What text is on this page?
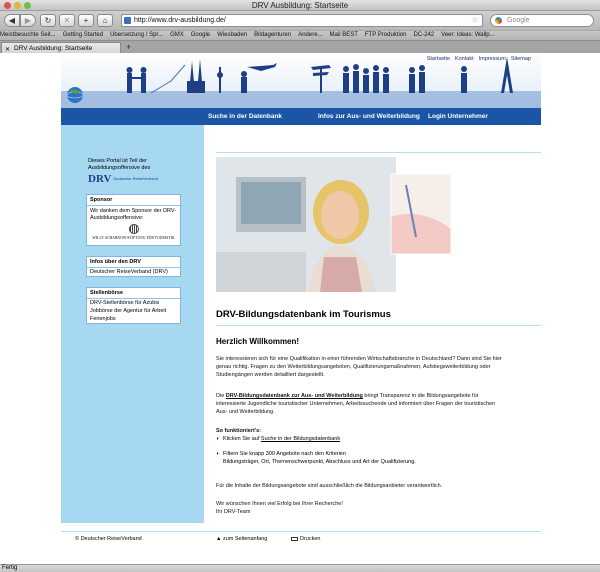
DRV Ausbildung: Startseite
◀	▶	↻	✕	+	⌂	http://www.drv-ausbildung.de/	☆	Google
Meistbesuchte Seit... Getting Started Übersetzung / Spr... GMX Google Wiesbaden Bildagenturen Andere... Mail BEST FTP Produktion DC-242 Veer: Ideas: Wallp...
✕ DRV Ausbildung: Startseite	+
Startseite Kontakt Impressum Sitemap
Suche in der Datenbank	Infos zur Aus- und Weiterbildung Login Unternehmer
Dieses Portal ist Teil der Ausbildungsoffensive des
DRV Deutscher ReiseVerband
Sponsor
Wir danken dem Sponsor der DRV-Ausbildungsoffensive:
WILLY SCHARNOW-STIFTUNG FÜR TOURISTIK
Infos über den DRV
Deutscher ReiseVerband (DRV)
Stellenbörse
DRV-Stellenbörse für Azubis
Jobbörse der Agentur für Arbeit
Ferienjobs	DRV-Bildungsdatenbank im Tourismus
Herzlich Willkommen!
Sie interessieren sich für eine Qualifikation in einer führenden Wirtschaftsbranche in Deutschland? Dann sind Sie hier genau richtig. Fragen zu den Weiterbildungsangeboten, Qualifizierungsmaßnahmen, Aufstiegsweiterbildung oder Studiengängen werden detailliert dargestellt.
Die DRV-Bildungsdatenbank zur Aus- und Weiterbildung bringt Transparenz in die Bildungsangebote für interessierte Jugendliche touristischer Unternehmen, Arbeitssuchende und informiert über Fragen der touristischen Aus- und Weiterbildung.
So funktioniert's:
◗ Klicken Sie auf Suche in der Bildungsdatenbank
◗ Filtern Sie knapp 300 Angebote nach den Kriterien
Bildungsträger, Ort, Themenschwerpunkt, Abschluss und Art der Qualifizierung.
Für die Inhalte der Bildungsangebote sind ausschließlich die Bildungsanbieter verantwortlich.
Wir wünschen Ihnen viel Erfolg bei Ihrer Recherche!
Ihr DRV-Team
© Deutscher ReiseVerband	▲ zum Seitenanfang	Drucken
Fertig
